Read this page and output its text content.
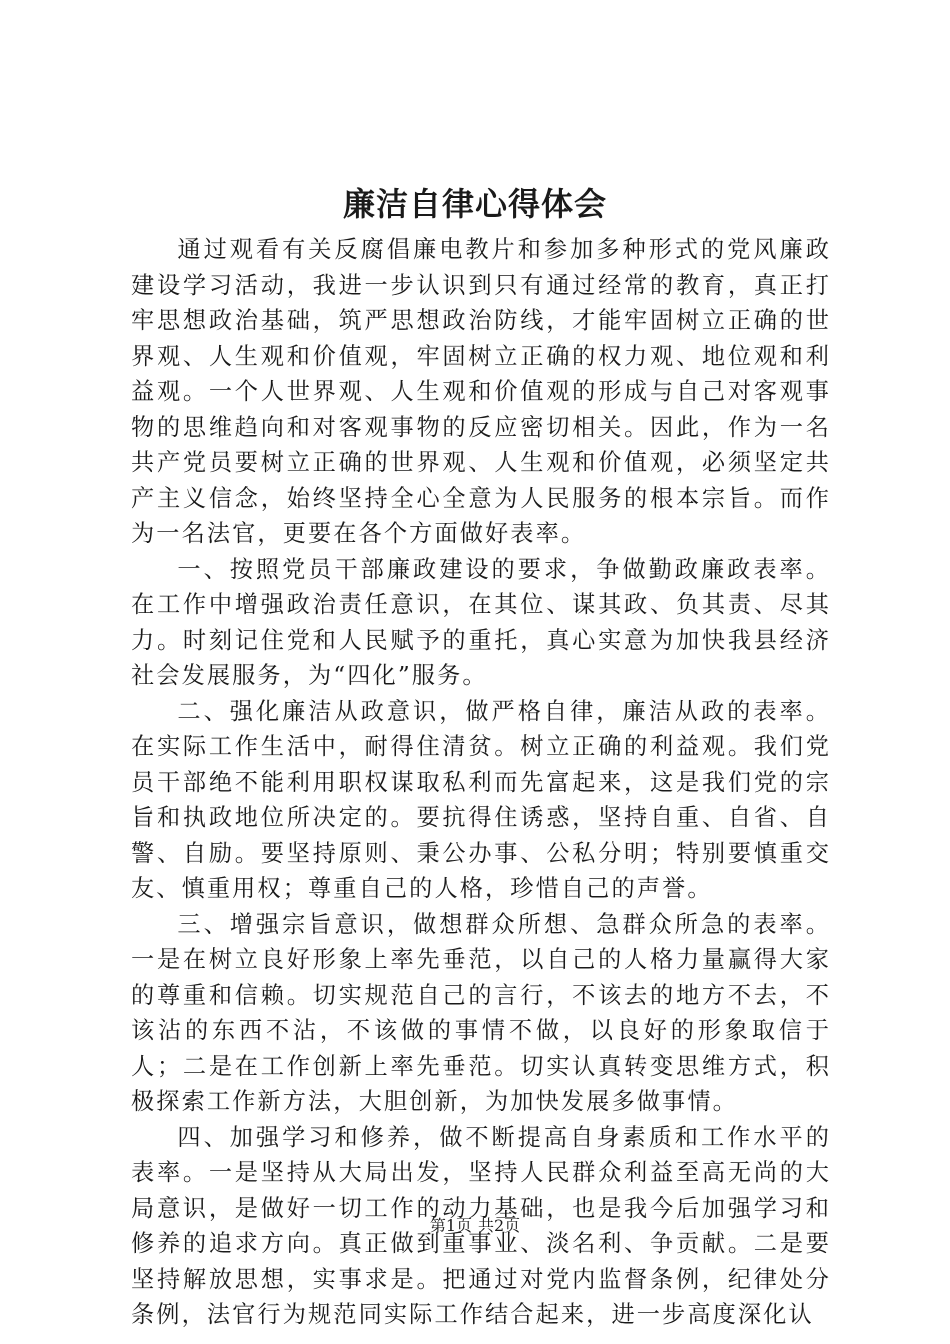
廉洁自律心得体会

通过观看有关反腐倡廉电教片和参加多种形式的党风廉政建设学习活动，我进一步认识到只有通过经常的教育，真正打牢思想政治基础，筑严思想政治防线，才能牢固树立正确的世界观、人生观和价值观，牢固树立正确的权力观、地位观和利益观。一个人世界观、人生观和价值观的形成与自己对客观事物的思维趋向和对客观事物的反应密切相关。因此，作为一名共产党员要树立正确的世界观、人生观和价值观，必须坚定共产主义信念，始终坚持全心全意为人民服务的根本宗旨。而作为一名法官，更要在各个方面做好表率。

一、按照党员干部廉政建设的要求，争做勤政廉政表率。在工作中增强政治责任意识，在其位、谋其政、负其责、尽其力。时刻记住党和人民赋予的重托，真心实意为加快我县经济社会发展服务，为“四化”服务。

二、强化廉洁从政意识，做严格自律，廉洁从政的表率。在实际工作生活中，耐得住清贫。树立正确的利益观。我们党员干部绝不能利用职权谋取私利而先富起来，这是我们党的宗旨和执政地位所决定的。要抗得住诱惑，坚持自重、自省、自警、自励。要坚持原则、秉公办事、公私分明；特别要慎重交友、慎重用权；尊重自己的人格，珍惜自己的声誉。

三、增强宗旨意识，做想群众所想、急群众所急的表率。一是在树立良好形象上率先垂范，以自己的人格力量赢得大家的尊重和信赖。切实规范自己的言行，不该去的地方不去，不该沾的东西不沾，不该做的事情不做，以良好的形象取信于人；二是在工作创新上率先垂范。切实认真转变思维方式，积极探索工作新方法，大胆创新，为加快发展多做事情。

四、加强学习和修养，做不断提高自身素质和工作水平的表率。一是坚持从大局出发，坚持人民群众利益至高无尚的大局意识，是做好一切工作的动力基础，也是我今后加强学习和修养的追求方向。真正做到重事业、淡名利、争贡献。二是要坚持解放思想，实事求是。把通过对党内监督条例，纪律处分条例，法官行为规范同实际工作结合起来，进一步高度深化认

第1页 共2页
